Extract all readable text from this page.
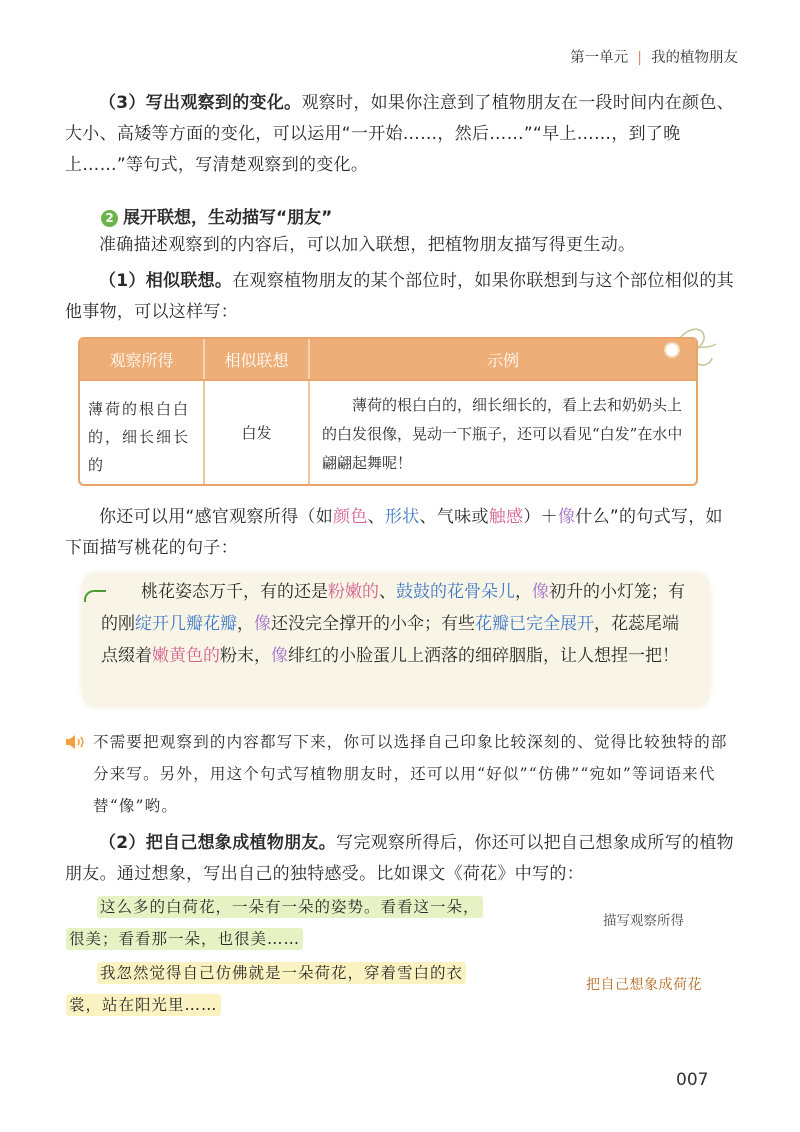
第一单元 | 我的植物朋友

（3）写出观察到的变化。观察时，如果你注意到了植物朋友在一段时间内在颜色、大小、高矮等方面的变化，可以运用“一开始……，然后……”“早上……，到了晚上……”等句式，写清楚观察到的变化。

2 展开联想，生动描写“朋友”

准确描述观察到的内容后，可以加入联想，把植物朋友描写得更生动。

（1）相似联想。在观察植物朋友的某个部位时，如果你联想到与这个部位相似的其他事物，可以这样写：

观察所得	相似联想	示例
薄荷的根白白的，细长细长的
白发
薄荷的根白白的，细长细长的，看上去和奶奶头上的白发很像，晃动一下瓶子，还可以看见“白发”在水中翩翩起舞呢！

你还可以用“感官观察所得（如颜色、形状、气味或触感）＋像什么”的句式写，如下面描写桃花的句子：

桃花姿态万千，有的还是粉嫩的、鼓鼓的花骨朵儿，像初升的小灯笼；有的刚绽开几瓣花瓣，像还没完全撑开的小伞；有些花瓣已完全展开，花蕊尾端点缀着嫩黄色的粉末，像绯红的小脸蛋儿上洒落的细碎胭脂，让人想捏一把！

不需要把观察到的内容都写下来，你可以选择自己印象比较深刻的、觉得比较独特的部分来写。另外，用这个句式写植物朋友时，还可以用“好似”“仿佛”“宛如”等词语来代替“像”哟。

（2）把自己想象成植物朋友。写完观察所得后，你还可以把自己想象成所写的植物朋友。通过想象，写出自己的独特感受。比如课文《荷花》中写的：

这么多的白荷花，一朵有一朵的姿势。看看这一朵，
很美；看看那一朵，也很美……
我忽然觉得自己仿佛就是一朵荷花，穿着雪白的衣
裳，站在阳光里……
描写观察所得
把自己想象成荷花
007
